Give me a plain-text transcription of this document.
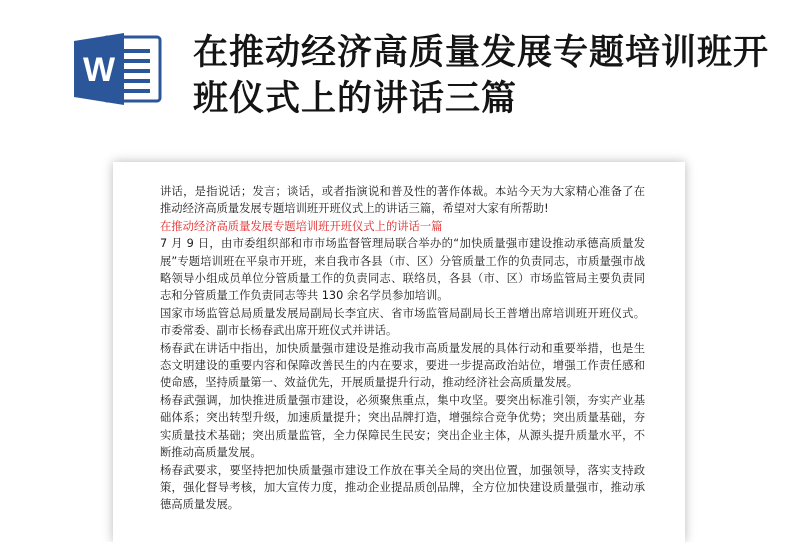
W 在推动经济高质量发展专题培训班开班仪式上的讲话三篇

讲话，是指说话；发言；谈话，或者指演说和普及性的著作体裁。本站今天为大家精心准备了在推动经济高质量发展专题培训班开班仪式上的讲话三篇，希望对大家有所帮助!

在推动经济高质量发展专题培训班开班仪式上的讲话一篇

7 月 9 日，由市委组织部和市市场监督管理局联合举办的“加快质量强市建设推动承德高质量发展”专题培训班在平泉市开班，来自我市各县（市、区）分管质量工作的负责同志，市质量强市战略领导小组成员单位分管质量工作的负责同志、联络员，各县（市、区）市场监管局主要负责同志和分管质量工作负责同志等共 130 余名学员参加培训。

国家市场监管总局质量发展局副局长李宜庆、省市场监管局副局长王普增出席培训班开班仪式。市委常委、副市长杨春武出席开班仪式并讲话。

杨春武在讲话中指出，加快质量强市建设是推动我市高质量发展的具体行动和重要举措，也是生态文明建设的重要内容和保障改善民生的内在要求，要进一步提高政治站位，增强工作责任感和使命感，坚持质量第一、效益优先，开展质量提升行动，推动经济社会高质量发展。

杨春武强调，加快推进质量强市建设，必须聚焦重点，集中攻坚。要突出标准引领，夯实产业基础体系；突出转型升级，加速质量提升；突出品牌打造，增强综合竞争优势；突出质量基础，夯实质量技术基础；突出质量监管，全力保障民生民安；突出企业主体，从源头提升质量水平，不断推动高质量发展。

杨春武要求，要坚持把加快质量强市建设工作放在事关全局的突出位置，加强领导，落实支持政策，强化督导考核，加大宣传力度，推动企业提品质创品牌，全方位加快建设质量强市，推动承德高质量发展。
